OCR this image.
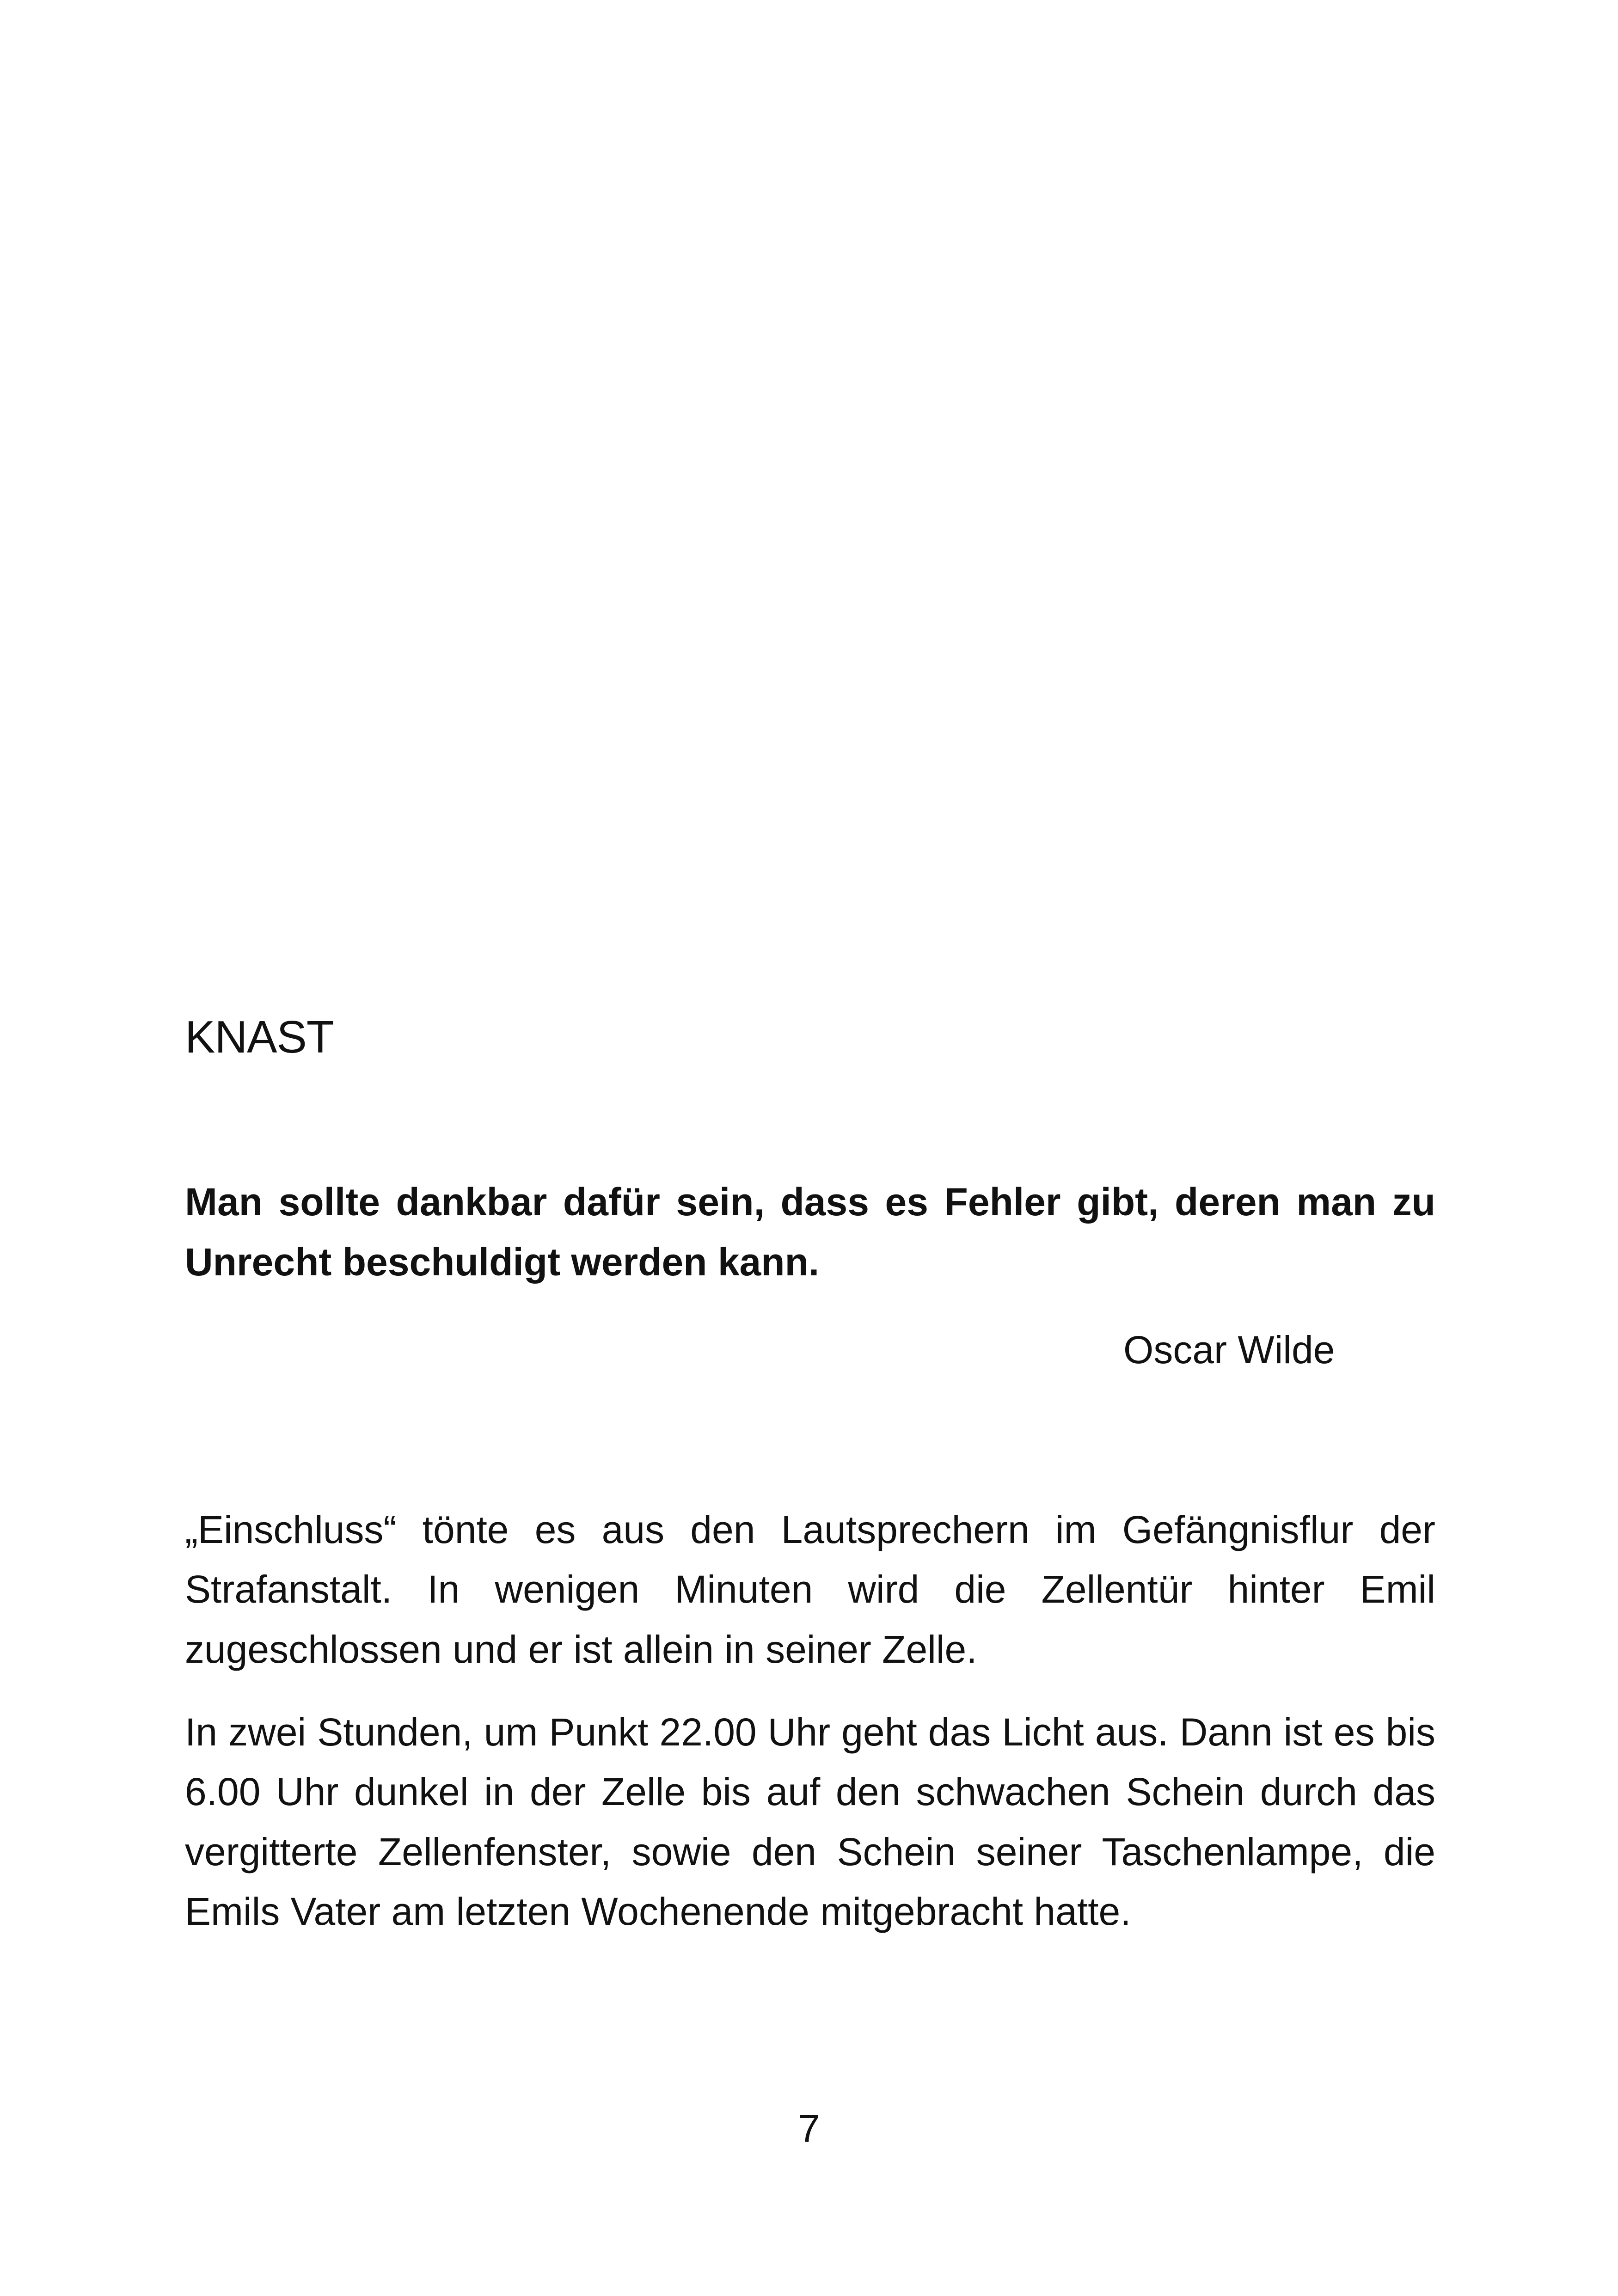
KNAST

Man sollte dankbar dafür sein, dass es Fehler gibt, deren man zu Unrecht beschuldigt werden kann.

Oscar Wilde

„Einschluss“ tönte es aus den Lautsprechern im Gefängnisflur der Strafanstalt. In wenigen Minuten wird die Zellentür hinter Emil zugeschlossen und er ist allein in seiner Zelle.

In zwei Stunden, um Punkt 22.00 Uhr geht das Licht aus. Dann ist es bis 6.00 Uhr dunkel in der Zelle bis auf den schwachen Schein durch das vergitterte Zellenfenster, sowie den Schein seiner Taschenlampe, die Emils Vater am letzten Wochenende mitgebracht hatte.

7
